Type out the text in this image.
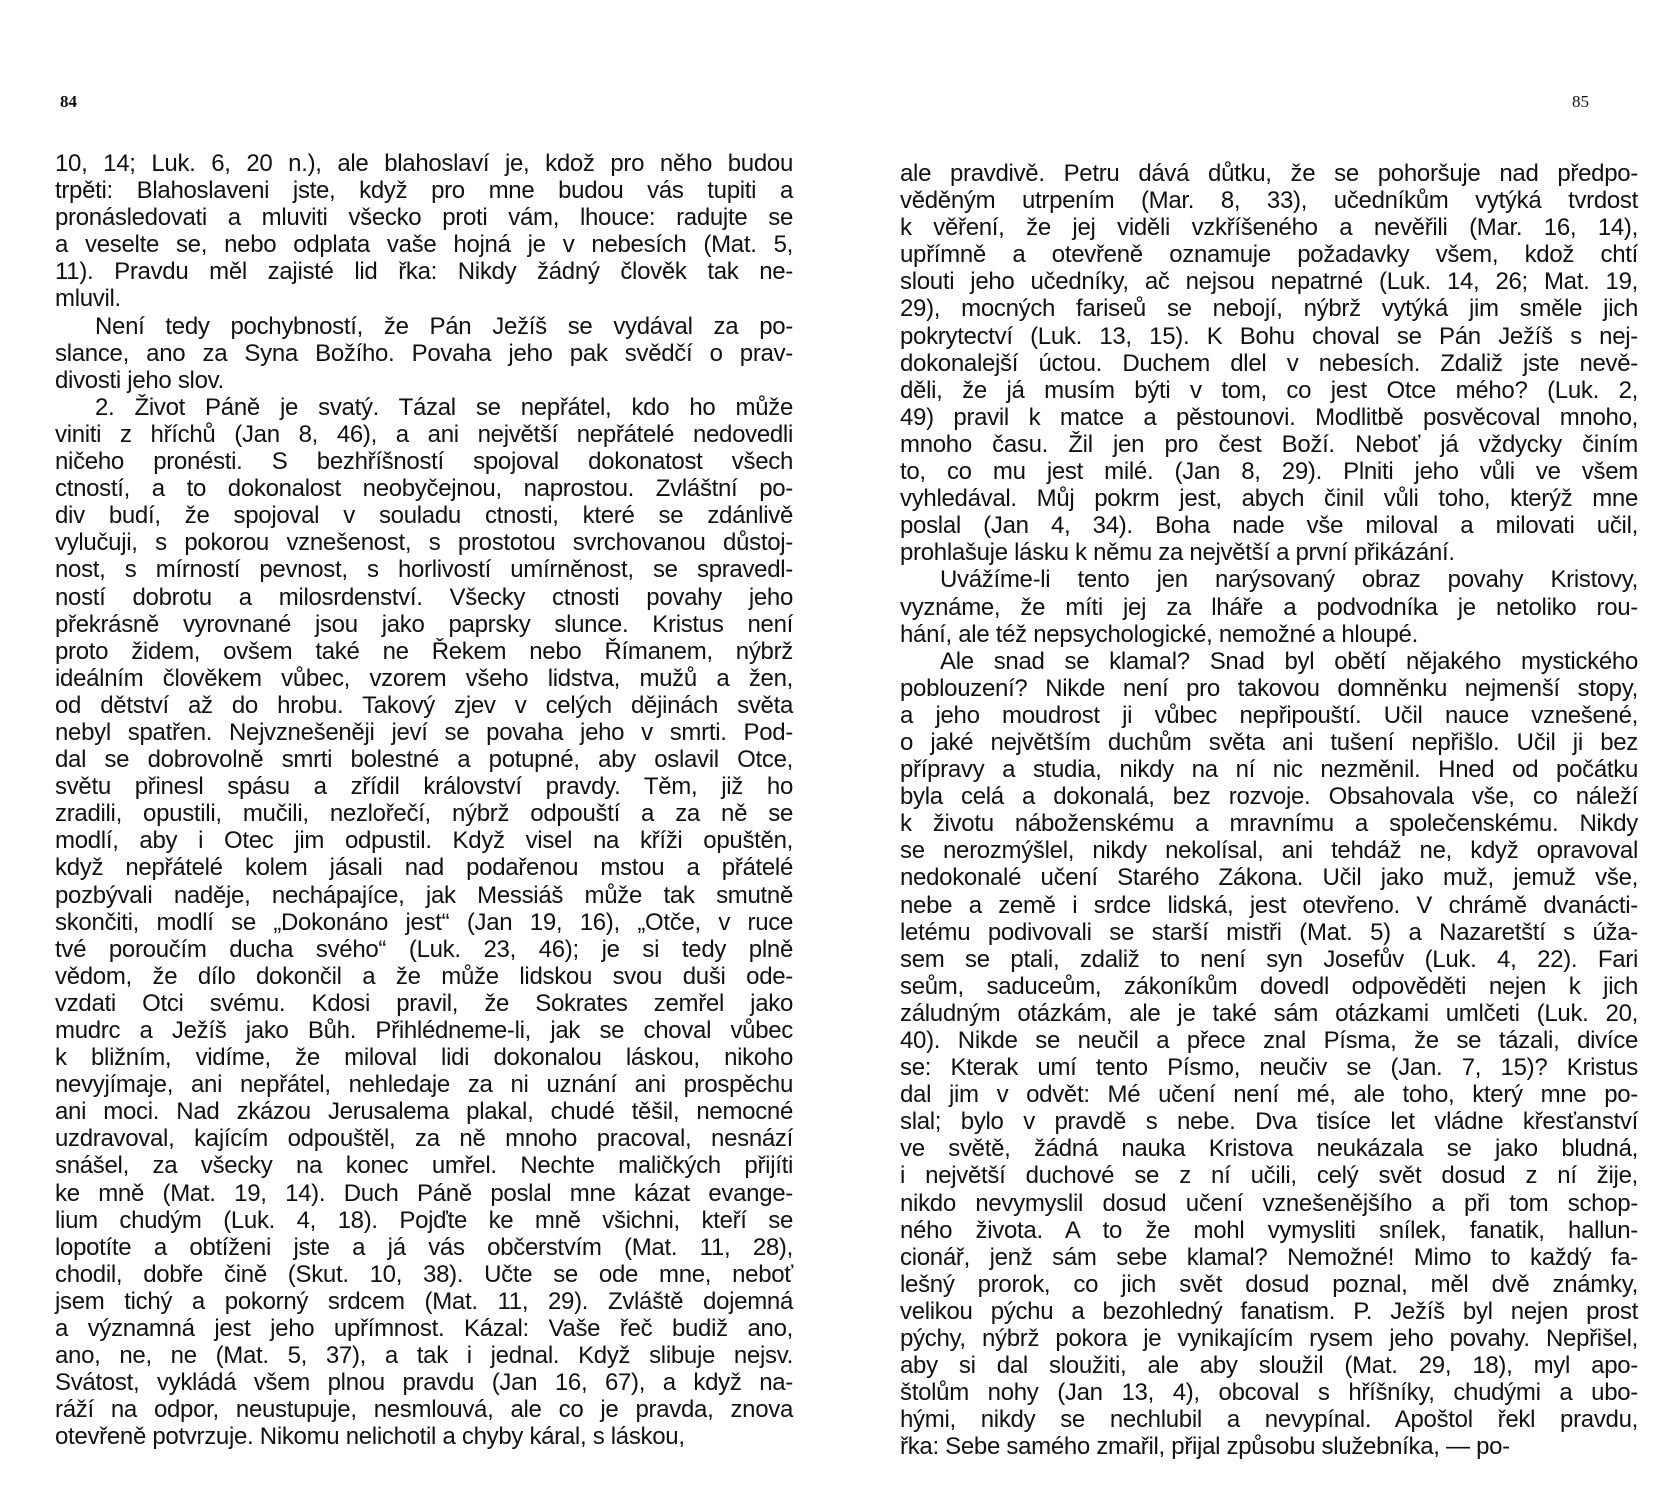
84	85
10, 14; Luk. 6, 20 n.), ale blahoslaví je, kdož pro něho budou
trpěti: Blahoslaveni jste, když pro mne budou vás tupiti a
pronásledovati a mluviti všecko proti vám, lhouce: radujte se
a veselte se, nebo odplata vaše hojná je v nebesích (Mat. 5,
11). Pravdu měl zajisté lid řka: Nikdy žádný člověk tak ne-
mluvil.
Není tedy pochybností, že Pán Ježíš se vydával za po-
slance, ano za Syna Božího. Povaha jeho pak svědčí o prav-
divosti jeho slov.
2. Život Páně je svatý. Tázal se nepřátel, kdo ho může
viniti z hříchů (Jan 8, 46), a ani největší nepřátelé nedovedli
ničeho pronésti. S bezhříšností spojoval dokonatost všech
ctností, a to dokonalost neobyčejnou, naprostou. Zvláštní po-
div budí, že spojoval v souladu ctnosti, které se zdánlivě
vylučuji, s pokorou vznešenost, s prostotou svrchovanou důstoj-
nost, s mírností pevnost, s horlivostí umírněnost, se spravedl-
ností dobrotu a milosrdenství. Všecky ctnosti povahy jeho
překrásně vyrovnané jsou jako paprsky slunce. Kristus není
proto židem, ovšem také ne Řekem nebo Římanem, nýbrž
ideálním člověkem vůbec, vzorem všeho lidstva, mužů a žen,
od dětství až do hrobu. Takový zjev v celých dějinách světa
nebyl spatřen. Nejvznešeněji jeví se povaha jeho v smrti. Pod-
dal se dobrovolně smrti bolestné a potupné, aby oslavil Otce,
světu přinesl spásu a zřídil království pravdy. Těm, již ho
zradili, opustili, mučili, nezlořečí, nýbrž odpouští a za ně se
modlí, aby i Otec jim odpustil. Když visel na kříži opuštěn,
když nepřátelé kolem jásali nad podařenou mstou a přátelé
pozbývali naděje, nechápajíce, jak Messiáš může tak smutně
skončiti, modlí se „Dokonáno jest“ (Jan 19, 16), „Otče, v ruce
tvé poroučím ducha svého“ (Luk. 23, 46); je si tedy plně
vědom, že dílo dokončil a že může lidskou svou duši ode-
vzdati Otci svému. Kdosi pravil, že Sokrates zemřel jako
mudrc a Ježíš jako Bůh. Přihlédneme-li, jak se choval vůbec
k bližním, vidíme, že miloval lidi dokonalou láskou, nikoho
nevyjímaje, ani nepřátel, nehledaje za ni uznání ani prospěchu
ani moci. Nad zkázou Jerusalema plakal, chudé těšil, nemocné
uzdravoval, kajícím odpouštěl, za ně mnoho pracoval, nesnází
snášel, za všecky na konec umřel. Nechte maličkých přijíti
ke mně (Mat. 19, 14). Duch Páně poslal mne kázat evange-
lium chudým (Luk. 4, 18). Pojďte ke mně všichni, kteří se
lopotíte a obtíženi jste a já vás občerstvím (Mat. 11, 28),
chodil, dobře čině (Skut. 10, 38). Učte se ode mne, neboť
jsem tichý a pokorný srdcem (Mat. 11, 29). Zvláště dojemná
a významná jest jeho upřímnost. Kázal: Vaše řeč budiž ano,
ano, ne, ne (Mat. 5, 37), a tak i jednal. Když slibuje nejsv.
Svátost, vykládá všem plnou pravdu (Jan 16, 67), a když na-
ráží na odpor, neustupuje, nesmlouvá, ale co je pravda, znova
otevřeně potvrzuje. Nikomu nelichotil a chyby káral, s láskou,
ale pravdivě. Petru dává důtku, že se pohoršuje nad předpo-
věděným utrpením (Mar. 8, 33), učedníkům vytýká tvrdost
k věření, že jej viděli vzkříšeného a nevěřili (Mar. 16, 14),
upřímně a otevřeně oznamuje požadavky všem, kdož chtí
slouti jeho učedníky, ač nejsou nepatrné (Luk. 14, 26; Mat. 19,
29), mocných fariseů se nebojí, nýbrž vytýká jim směle jich
pokrytectví (Luk. 13, 15). K Bohu choval se Pán Ježíš s nej-
dokonalejší úctou. Duchem dlel v nebesích. Zdaliž jste nevě-
děli, že já musím býti v tom, co jest Otce mého? (Luk. 2,
49) pravil k matce a pěstounovi. Modlitbě posvěcoval mnoho,
mnoho času. Žil jen pro čest Boží. Neboť já vždycky činím
to, co mu jest milé. (Jan 8, 29). Plniti jeho vůli ve všem
vyhledával. Můj pokrm jest, abych činil vůli toho, kterýž mne
poslal (Jan 4, 34). Boha nade vše miloval a milovati učil,
prohlašuje lásku k němu za největší a první přikázání.
Uvážíme-li tento jen narýsovaný obraz povahy Kristovy,
vyznáme, že míti jej za lháře a podvodníka je netoliko rou-
hání, ale též nepsychologické, nemožné a hloupé.
Ale snad se klamal? Snad byl obětí nějakého mystického
poblouzení? Nikde není pro takovou domněnku nejmenší stopy,
a jeho moudrost ji vůbec nepřipouští. Učil nauce vznešené,
o jaké největším duchům světa ani tušení nepřišlo. Učil ji bez
přípravy a studia, nikdy na ní nic nezměnil. Hned od počátku
byla celá a dokonalá, bez rozvoje. Obsahovala vše, co náleží
k životu náboženskému a mravnímu a společenskému. Nikdy
se nerozmýšlel, nikdy nekolísal, ani tehdáž ne, když opravoval
nedokonalé učení Starého Zákona. Učil jako muž, jemuž vše,
nebe a země i srdce lidská, jest otevřeno. V chrámě dvanácti-
letému podivovali se starší mistři (Mat. 5) a Nazaretští s úža-
sem se ptali, zdaliž to není syn Josefův (Luk. 4, 22). Fari
seům, saduceům, zákoníkům dovedl odpověděti nejen k jich
záludným otázkám, ale je také sám otázkami umlčeti (Luk. 20,
40). Nikde se neučil a přece znal Písma, že se tázali, divíce
se: Kterak umí tento Písmo, neučiv se (Jan. 7, 15)? Kristus
dal jim v odvět: Mé učení není mé, ale toho, který mne po-
slal; bylo v pravdě s nebe. Dva tisíce let vládne křesťanství
ve světě, žádná nauka Kristova neukázala se jako bludná,
i největší duchové se z ní učili, celý svět dosud z ní žije,
nikdo nevymyslil dosud učení vznešenějšího a při tom schop-
ného života. A to že mohl vymysliti snílek, fanatik, hallun-
cionář, jenž sám sebe klamal? Nemožné! Mimo to každý fa-
lešný prorok, co jich svět dosud poznal, měl dvě známky,
velikou pýchu a bezohledný fanatism. P. Ježíš byl nejen prost
pýchy, nýbrž pokora je vynikajícím rysem jeho povahy. Nepřišel,
aby si dal sloužiti, ale aby sloužil (Mat. 29, 18), myl apo-
štolům nohy (Jan 13, 4), obcoval s hříšníky, chudými a ubo-
hými, nikdy se nechlubil a nevypínal. Apoštol řekl pravdu,
řka: Sebe samého zmařil, přijal způsobu služebníka, — po-
